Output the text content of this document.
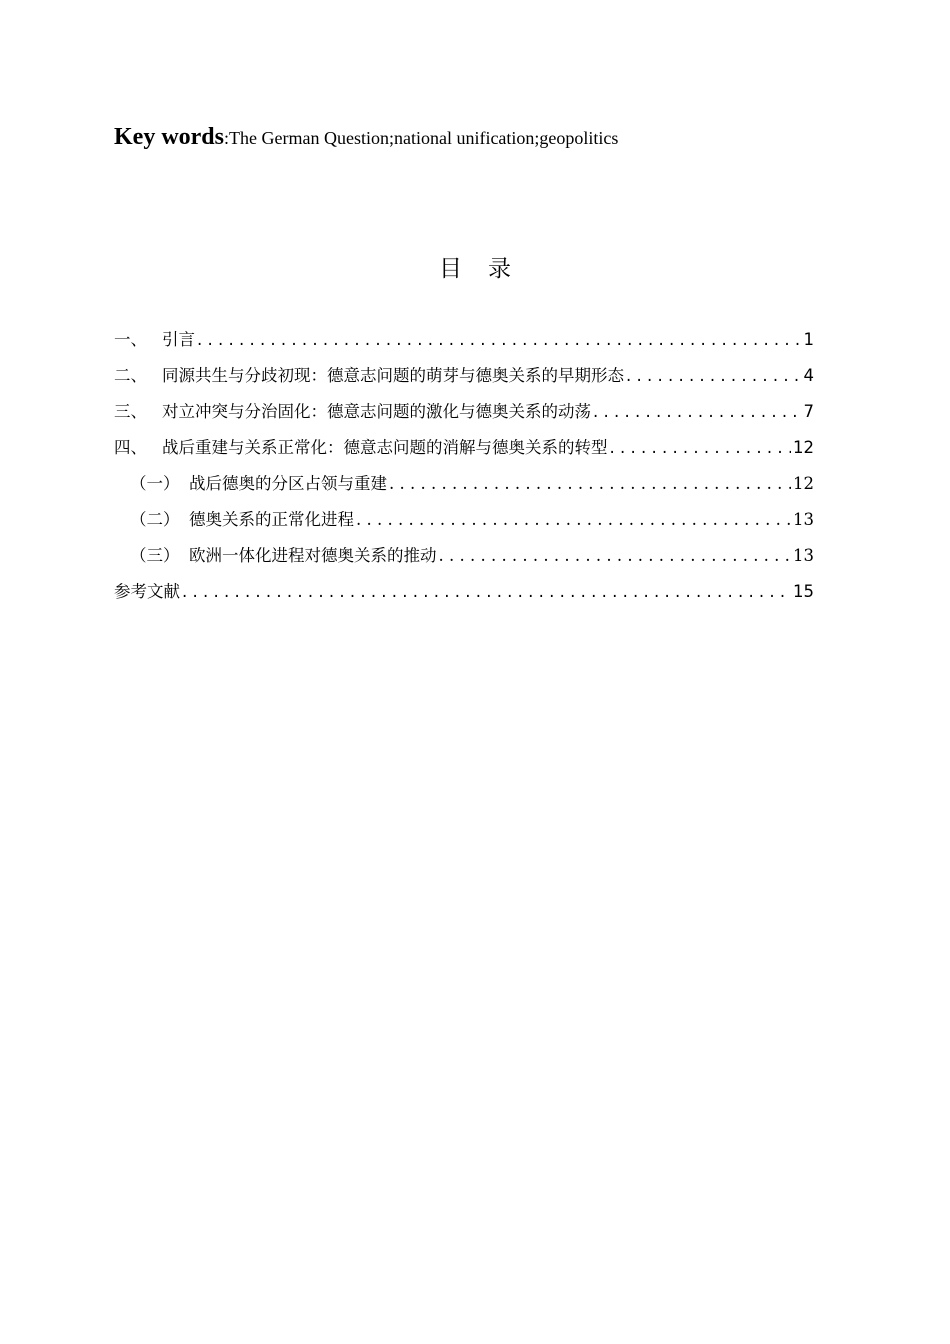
Key words:The German Question;national unification;geopolitics
目录
一、 引言 . . .	1
二、 同源共生与分歧初现：德意志问题的萌芽与德奥关系的早期形态 . . .	4
三、 对立冲突与分治固化：德意志问题的激化与德奥关系的动荡 . . .	7
四、 战后重建与关系正常化：德意志问题的消解与德奥关系的转型 . . .	12
（一） 战后德奥的分区占领与重建 . . .	12
（二） 德奥关系的正常化进程 . . .	13
（三） 欧洲一体化进程对德奥关系的推动 . . .	13
参考文献 . . .	15
